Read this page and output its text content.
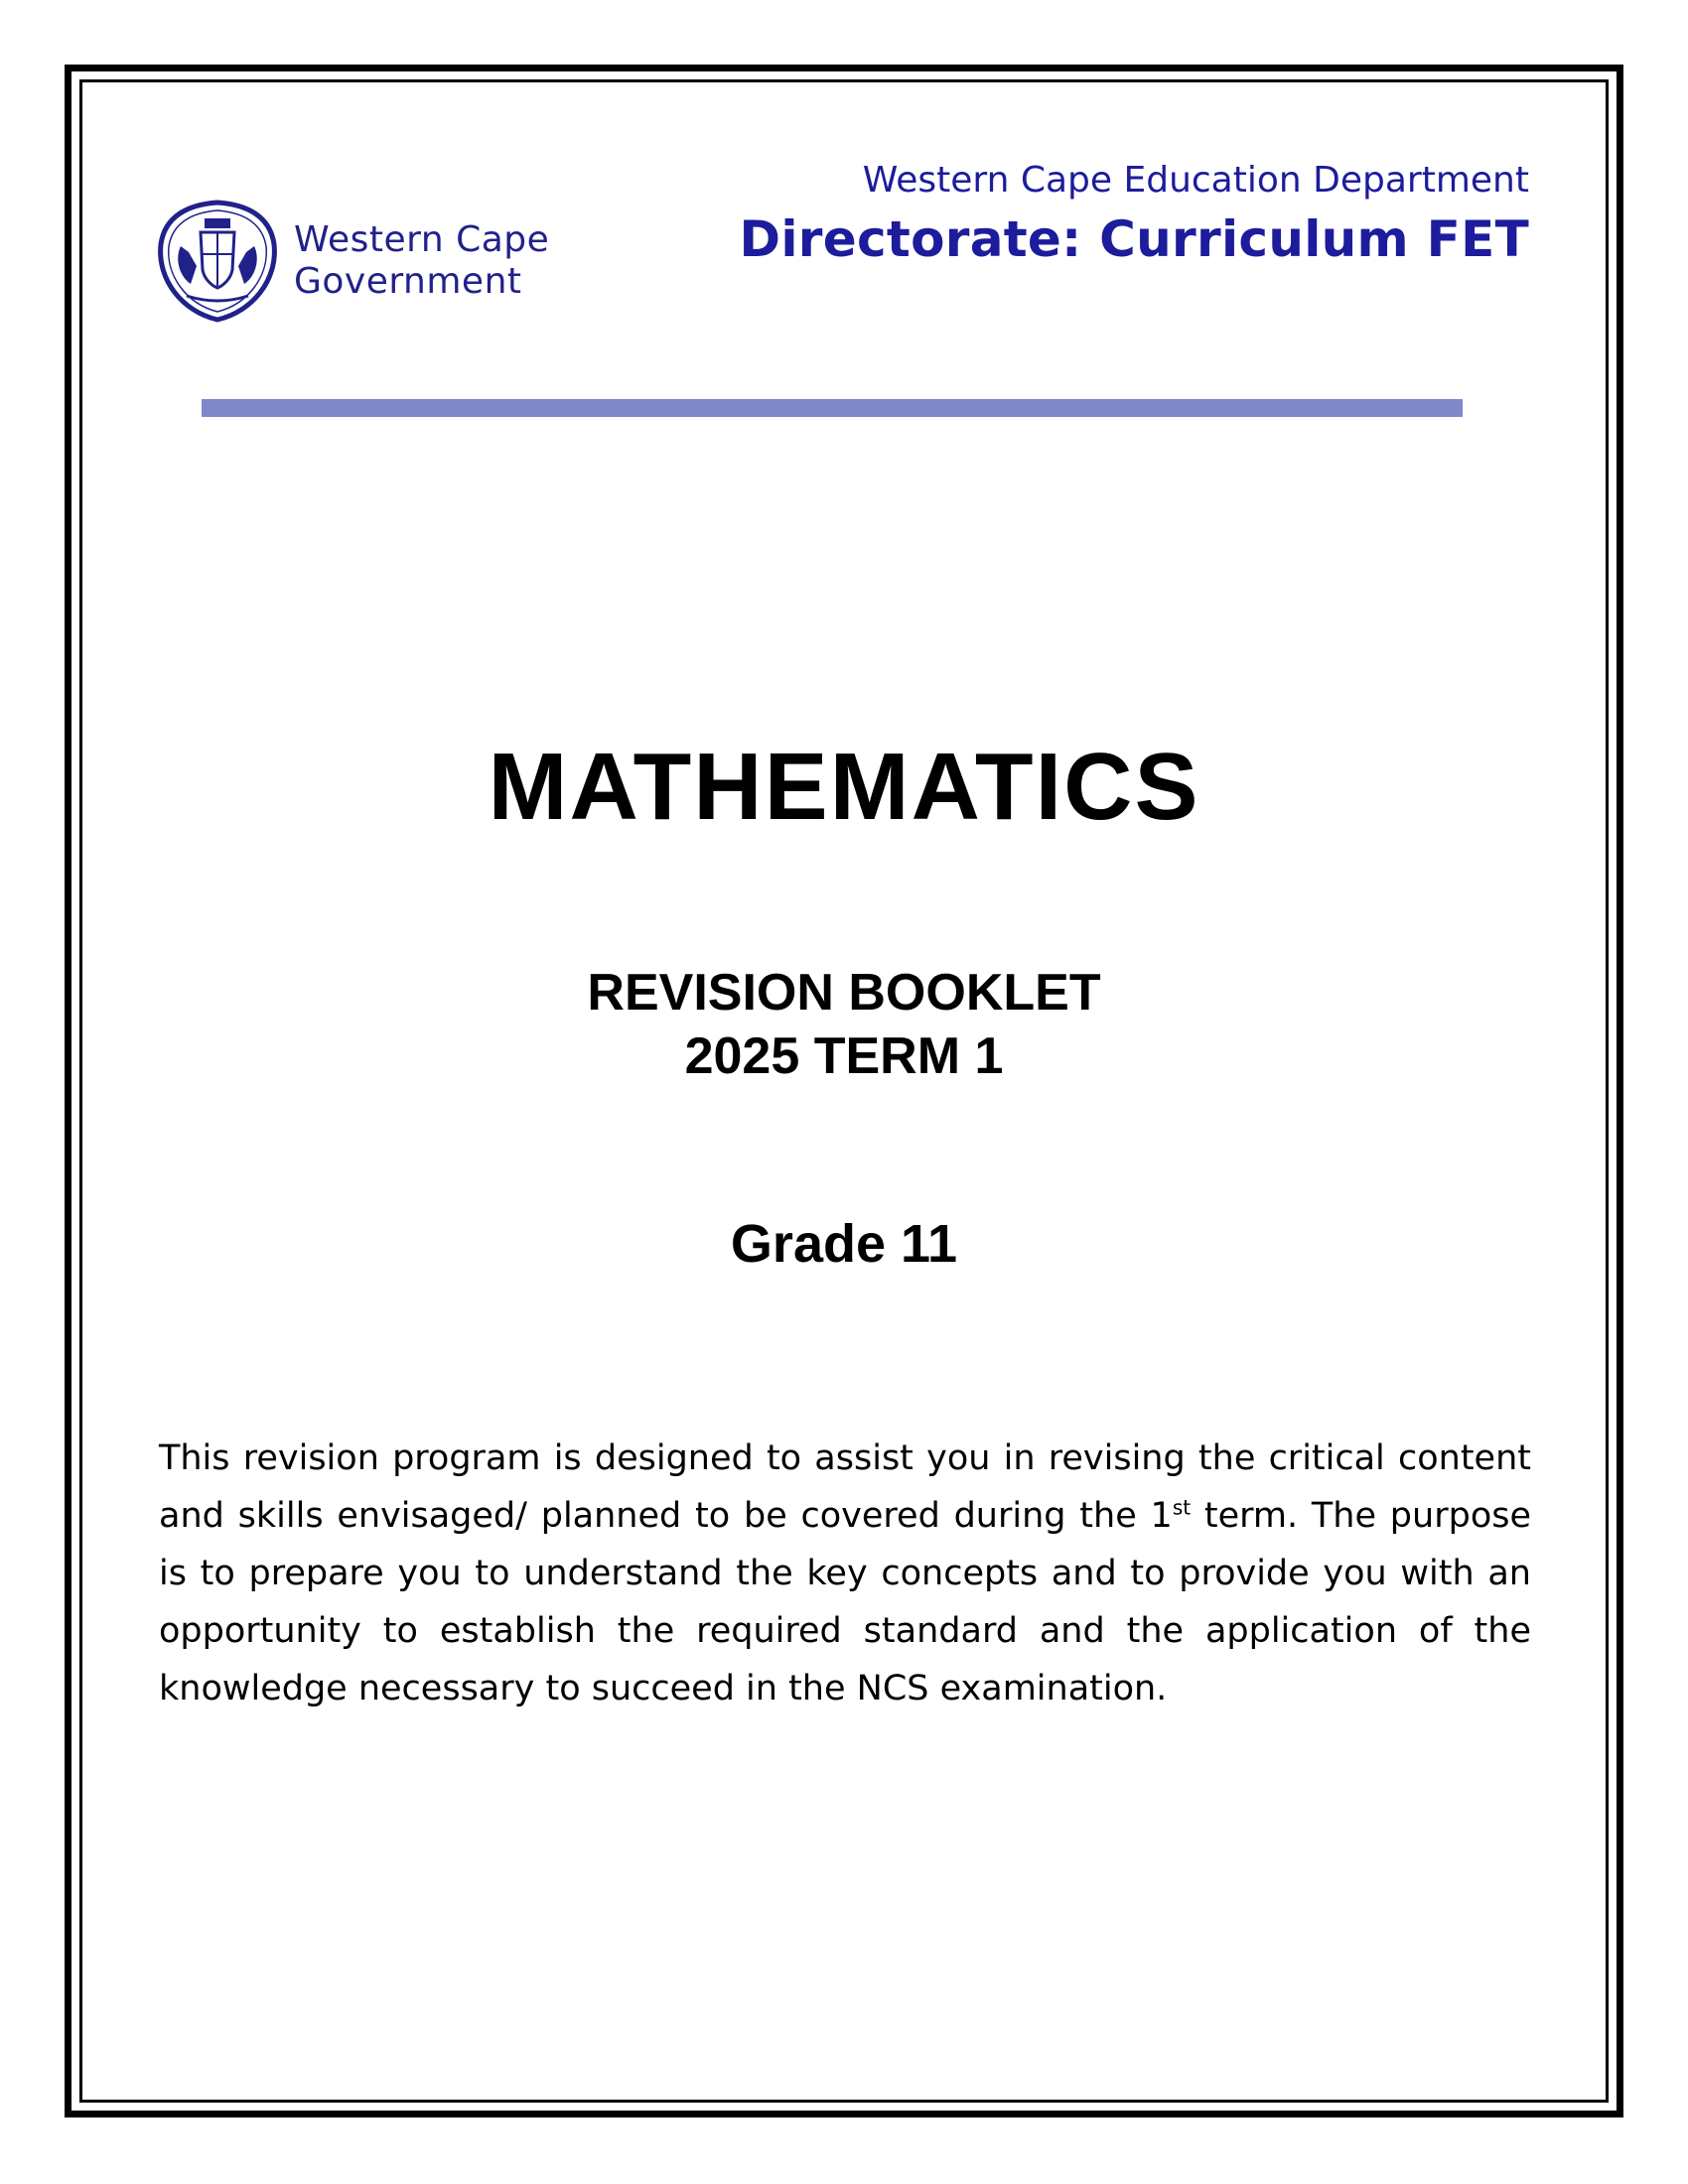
Western Cape
Government
Western Cape Education Department
Directorate: Curriculum FET
MATHEMATICS
REVISION BOOKLET
2025 TERM 1
Grade 11
This revision program is designed to assist you in revising the critical content and skills envisaged/ planned to be covered during the 1st term. The purpose is to prepare you to understand the key concepts and to provide you with an opportunity to establish the required standard and the application of the knowledge necessary to succeed in the NCS examination.
